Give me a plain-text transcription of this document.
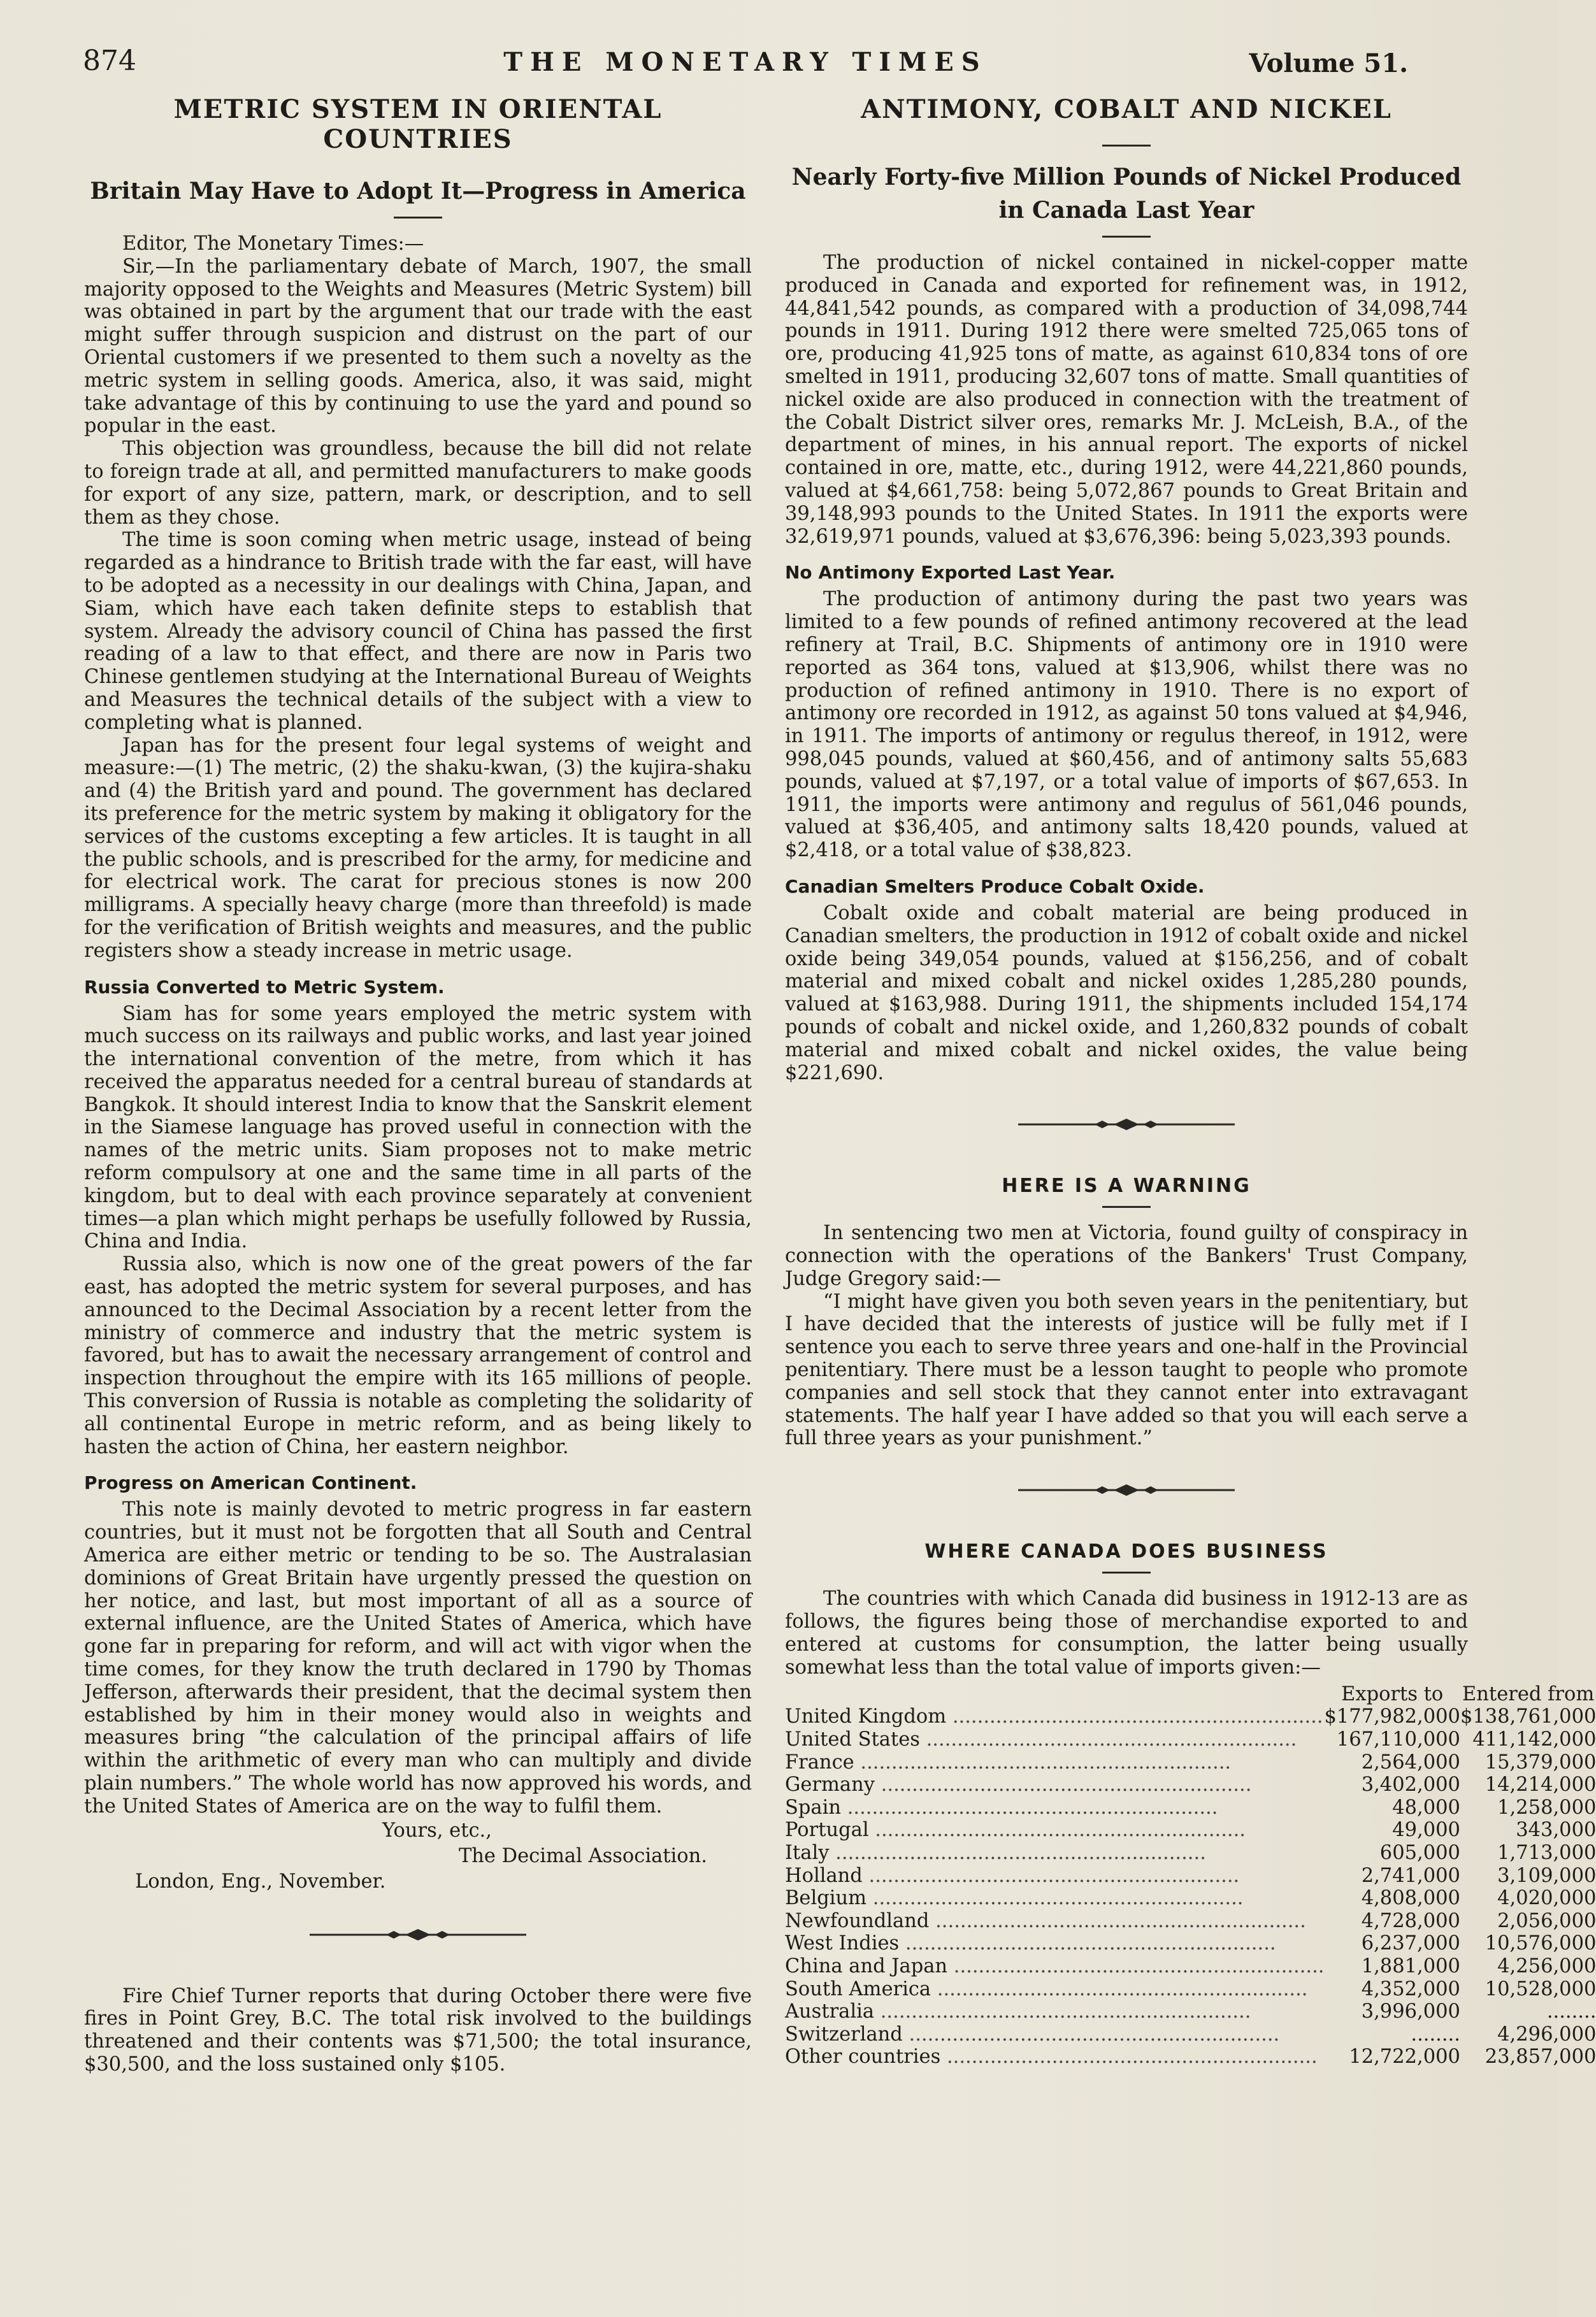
874	THE MONETARY TIMES	Volume 51.
METRIC SYSTEM IN ORIENTAL COUNTRIES
Britain May Have to Adopt It—Progress in America

Editor, The Monetary Times:—

Sir,—In the parliamentary debate of March, 1907, the small majority opposed to the Weights and Measures (Metric System) bill was obtained in part by the argument that our trade with the east might suffer through suspicion and distrust on the part of our Oriental customers if we presented to them such a novelty as the metric system in selling goods. America, also, it was said, might take advantage of this by continuing to use the yard and pound so popular in the east.

This objection was groundless, because the bill did not relate to foreign trade at all, and permitted manufacturers to make goods for export of any size, pattern, mark, or description, and to sell them as they chose.

The time is soon coming when metric usage, instead of being regarded as a hindrance to British trade with the far east, will have to be adopted as a necessity in our dealings with China, Japan, and Siam, which have each taken definite steps to establish that system. Already the advisory council of China has passed the first reading of a law to that effect, and there are now in Paris two Chinese gentlemen studying at the International Bureau of Weights and Measures the technical details of the subject with a view to completing what is planned.

Japan has for the present four legal systems of weight and measure:—(1) The metric, (2) the shaku-kwan, (3) the kujira-shaku and (4) the British yard and pound. The government has declared its preference for the metric system by making it obligatory for the services of the customs excepting a few articles. It is taught in all the public schools, and is prescribed for the army, for medicine and for electrical work. The carat for precious stones is now 200 milligrams. A specially heavy charge (more than threefold) is made for the verification of British weights and measures, and the public registers show a steady increase in metric usage.

Russia Converted to Metric System.

Siam has for some years employed the metric system with much success on its railways and public works, and last year joined the international convention of the metre, from which it has received the apparatus needed for a central bureau of standards at Bangkok. It should interest India to know that the Sanskrit element in the Siamese language has proved useful in connection with the names of the metric units. Siam proposes not to make metric reform compulsory at one and the same time in all parts of the kingdom, but to deal with each province separately at convenient times—a plan which might perhaps be usefully followed by Russia, China and India.

Russia also, which is now one of the great powers of the far east, has adopted the metric system for several purposes, and has announced to the Decimal Association by a recent letter from the ministry of commerce and industry that the metric system is favored, but has to await the necessary arrangement of control and inspection throughout the empire with its 165 millions of people. This conversion of Russia is notable as completing the solidarity of all continental Europe in metric reform, and as being likely to hasten the action of China, her eastern neighbor.

Progress on American Continent.

This note is mainly devoted to metric progress in far eastern countries, but it must not be forgotten that all South and Central America are either metric or tending to be so. The Australasian dominions of Great Britain have urgently pressed the question on her notice, and last, but most important of all as a source of external influence, are the United States of America, which have gone far in preparing for reform, and will act with vigor when the time comes, for they know the truth declared in 1790 by Thomas Jefferson, afterwards their president, that the decimal system then established by him in their money would also in weights and measures bring “the calculation of the principal affairs of life within the arithmetic of every man who can multiply and divide plain numbers.” The whole world has now approved his words, and the United States of America are on the way to fulfil them.

Yours, etc.,
The Decimal Association.
London, Eng., November.

Fire Chief Turner reports that during October there were five fires in Point Grey, B.C. The total risk involved to the buildings threatened and their contents was $71,500; the total insurance, $30,500, and the loss sustained only $105.

ANTIMONY, COBALT AND NICKEL
Nearly Forty-five Million Pounds of Nickel Produced in Canada Last Year

The production of nickel contained in nickel-copper matte produced in Canada and exported for refinement was, in 1912, 44,841,542 pounds, as compared with a production of 34,098,744 pounds in 1911. During 1912 there were smelted 725,065 tons of ore, producing 41,925 tons of matte, as against 610,834 tons of ore smelted in 1911, producing 32,607 tons of matte. Small quantities of nickel oxide are also produced in connection with the treatment of the Cobalt District silver ores, remarks Mr. J. McLeish, B.A., of the department of mines, in his annual report. The exports of nickel contained in ore, matte, etc., during 1912, were 44,221,860 pounds, valued at $4,661,758: being 5,072,867 pounds to Great Britain and 39,148,993 pounds to the United States. In 1911 the exports were 32,619,971 pounds, valued at $3,676,396: being 5,023,393 pounds.

No Antimony Exported Last Year.

The production of antimony during the past two years was limited to a few pounds of refined antimony recovered at the lead refinery at Trail, B.C. Shipments of antimony ore in 1910 were reported as 364 tons, valued at $13,906, whilst there was no production of refined antimony in 1910. There is no export of antimony ore recorded in 1912, as against 50 tons valued at $4,946, in 1911. The imports of antimony or regulus thereof, in 1912, were 998,045 pounds, valued at $60,456, and of antimony salts 55,683 pounds, valued at $7,197, or a total value of imports of $67,653. In 1911, the imports were antimony and regulus of 561,046 pounds, valued at $36,405, and antimony salts 18,420 pounds, valued at $2,418, or a total value of $38,823.

Canadian Smelters Produce Cobalt Oxide.

Cobalt oxide and cobalt material are being produced in Canadian smelters, the production in 1912 of cobalt oxide and nickel oxide being 349,054 pounds, valued at $156,256, and of cobalt material and mixed cobalt and nickel oxides 1,285,280 pounds, valued at $163,988. During 1911, the shipments included 154,174 pounds of cobalt and nickel oxide, and 1,260,832 pounds of cobalt material and mixed cobalt and nickel oxides, the value being $221,690.

HERE IS A WARNING

In sentencing two men at Victoria, found guilty of conspiracy in connection with the operations of the Bankers' Trust Company, Judge Gregory said:—

“I might have given you both seven years in the penitentiary, but I have decided that the interests of justice will be fully met if I sentence you each to serve three years and one-half in the Provincial penitentiary. There must be a lesson taught to people who promote companies and sell stock that they cannot enter into extravagant statements. The half year I have added so that you will each serve a full three years as your punishment.”

WHERE CANADA DOES BUSINESS

The countries with which Canada did business in 1912-13 are as follows, the figures being those of merchandise exported to and entered at customs for consumption, the latter being usually somewhat less than the total value of imports given:—

	Exports to	Entered from
United Kingdom ............................................................	$177,982,000	$138,761,000
United States ............................................................	167,110,000	411,142,000
France ............................................................	2,564,000	15,379,000
Germany ............................................................	3,402,000	14,214,000
Spain ............................................................	48,000	1,258,000
Portugal ............................................................	49,000	343,000
Italy ............................................................	605,000	1,713,000
Holland ............................................................	2,741,000	3,109,000
Belgium ............................................................	4,808,000	4,020,000
Newfoundland ............................................................	4,728,000	2,056,000
West Indies ............................................................	6,237,000	10,576,000
China and Japan ............................................................	1,881,000	4,256,000
South America ............................................................	4,352,000	10,528,000
Australia ............................................................	3,996,000	........
Switzerland ............................................................	........	4,296,000
Other countries ............................................................	12,722,000	23,857,000
